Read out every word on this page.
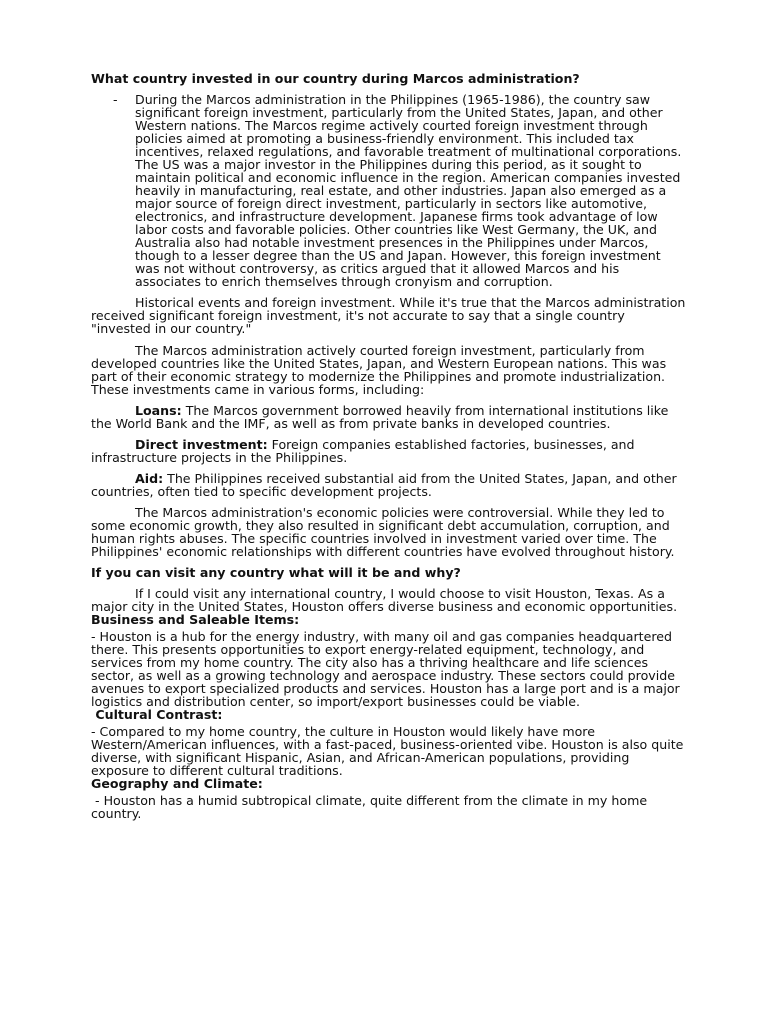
What country invested in our country during Marcos administration?

-	During the Marcos administration in the Philippines (1965-1986), the country saw significant foreign investment, particularly from the United States, Japan, and other Western nations. The Marcos regime actively courted foreign investment through policies aimed at promoting a business-friendly environment. This included tax incentives, relaxed regulations, and favorable treatment of multinational corporations. The US was a major investor in the Philippines during this period, as it sought to maintain political and economic influence in the region. American companies invested heavily in manufacturing, real estate, and other industries. Japan also emerged as a major source of foreign direct investment, particularly in sectors like automotive, electronics, and infrastructure development. Japanese firms took advantage of low labor costs and favorable policies. Other countries like West Germany, the UK, and Australia also had notable investment presences in the Philippines under Marcos, though to a lesser degree than the US and Japan. However, this foreign investment was not without controversy, as critics argued that it allowed Marcos and his associates to enrich themselves through cronyism and corruption.

Historical events and foreign investment. While it's true that the Marcos administration received significant foreign investment, it's not accurate to say that a single country "invested in our country."

The Marcos administration actively courted foreign investment, particularly from developed countries like the United States, Japan, and Western European nations. This was part of their economic strategy to modernize the Philippines and promote industrialization. These investments came in various forms, including:

Loans: The Marcos government borrowed heavily from international institutions like the World Bank and the IMF, as well as from private banks in developed countries.

Direct investment: Foreign companies established factories, businesses, and infrastructure projects in the Philippines.

Aid: The Philippines received substantial aid from the United States, Japan, and other countries, often tied to specific development projects.

The Marcos administration's economic policies were controversial. While they led to some economic growth, they also resulted in significant debt accumulation, corruption, and human rights abuses. The specific countries involved in investment varied over time. The Philippines' economic relationships with different countries have evolved throughout history.

If you can visit any country what will it be and why?

If I could visit any international country, I would choose to visit Houston, Texas. As a major city in the United States, Houston offers diverse business and economic opportunities.

Business and Saleable Items:

- Houston is a hub for the energy industry, with many oil and gas companies headquartered there. This presents opportunities to export energy-related equipment, technology, and services from my home country. The city also has a thriving healthcare and life sciences sector, as well as a growing technology and aerospace industry. These sectors could provide avenues to export specialized products and services. Houston has a large port and is a major logistics and distribution center, so import/export businesses could be viable.

Cultural Contrast:

- Compared to my home country, the culture in Houston would likely have more Western/American influences, with a fast-paced, business-oriented vibe. Houston is also quite diverse, with significant Hispanic, Asian, and African-American populations, providing exposure to different cultural traditions.

Geography and Climate:

- Houston has a humid subtropical climate, quite different from the climate in my home country.
